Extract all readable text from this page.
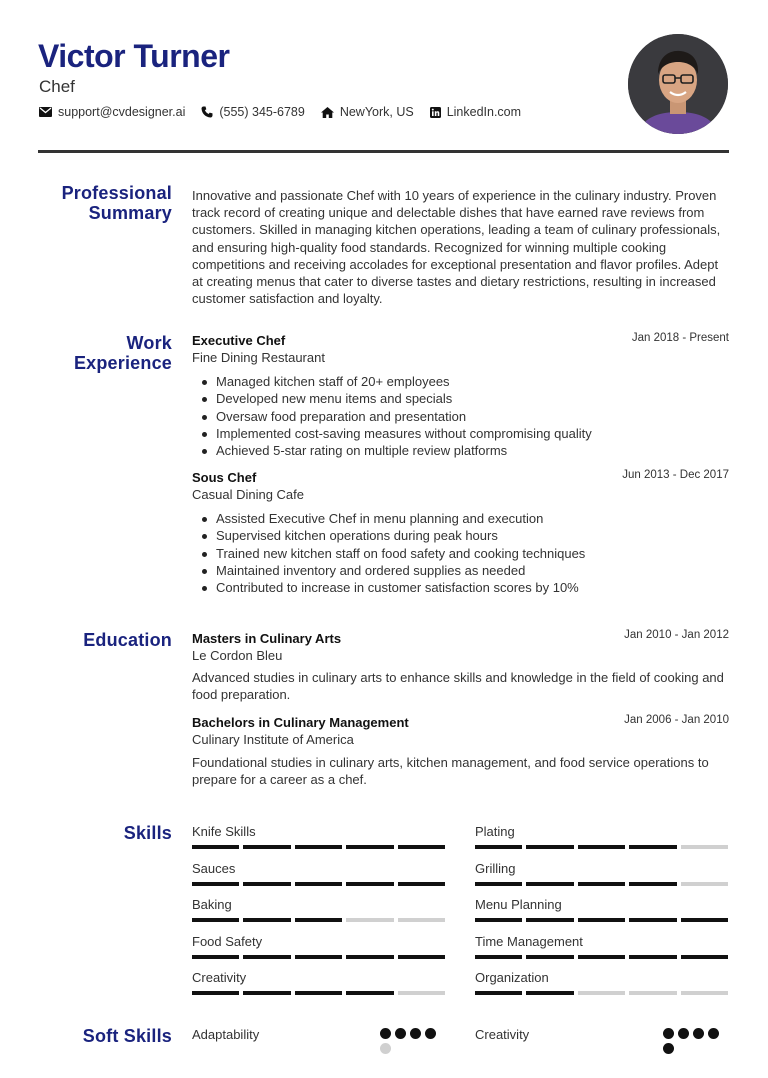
Victor Turner
Chef
support@cvdesigner.ai	(555) 345-6789	NewYork, US	LinkedIn.com
Professional
Summary
Innovative and passionate Chef with 10 years of experience in the culinary industry. Proven track record of creating unique and delectable dishes that have earned rave reviews from customers. Skilled in managing kitchen operations, leading a team of culinary professionals, and ensuring high-quality food standards. Recognized for winning multiple cooking competitions and receiving accolades for exceptional presentation and flavor profiles. Adept at creating menus that cater to diverse tastes and dietary restrictions, resulting in increased customer satisfaction and loyalty.
Work
Experience
Executive Chef	Jan 2018 - Present
Fine Dining Restaurant
Managed kitchen staff of 20+ employees
Developed new menu items and specials
Oversaw food preparation and presentation
Implemented cost-saving measures without compromising quality
Achieved 5-star rating on multiple review platforms
Sous Chef	Jun 2013 - Dec 2017
Casual Dining Cafe
Assisted Executive Chef in menu planning and execution
Supervised kitchen operations during peak hours
Trained new kitchen staff on food safety and cooking techniques
Maintained inventory and ordered supplies as needed
Contributed to increase in customer satisfaction scores by 10%
Education Masters in Culinary Arts	Jan 2010 - Jan 2012
Le Cordon Bleu
Advanced studies in culinary arts to enhance skills and knowledge in the field of cooking and food preparation.
Bachelors in Culinary Management	Jan 2006 - Jan 2010
Culinary Institute of America
Foundational studies in culinary arts, kitchen management, and food service operations to prepare for a career as a chef.
Skills Knife Skills	Plating
Sauces	Grilling
Baking	Menu Planning
Food Safety	Time Management
Creativity	Organization
Soft Skills Adaptability	Creativity
